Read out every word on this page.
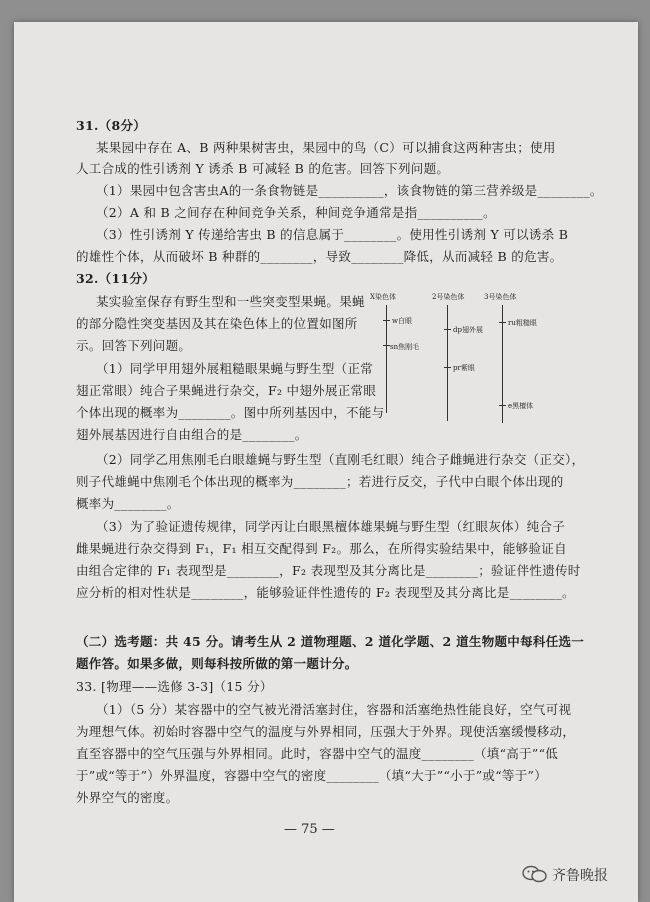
31.（8分）
某果园中存在 A、B 两种果树害虫，果园中的鸟（C）可以捕食这两种害虫；使用
人工合成的性引诱剂 Y 诱杀 B 可减轻 B 的危害。回答下列问题。
（1）果园中包含害虫A的一条食物链是__________，该食物链的第三营养级是________。
（2）A 和 B 之间存在种间竞争关系，种间竞争通常是指__________。
（3）性引诱剂 Y 传递给害虫 B 的信息属于________。使用性引诱剂 Y 可以诱杀 B
的雄性个体，从而破坏 B 种群的________，导致________降低，从而减轻 B 的危害。
32.（11分）
某实验室保存有野生型和一些突变型果蝇。果蝇
的部分隐性突变基因及其在染色体上的位置如图所
示。回答下列问题。
（1）同学甲用翅外展粗糙眼果蝇与野生型（正常
翅正常眼）纯合子果蝇进行杂交，F₂ 中翅外展正常眼
个体出现的概率为________。图中所列基因中，不能与
翅外展基因进行自由组合的是________。
X染色体	2号染色体	3号染色体
w白眼
sn焦刚毛
dp翅外展
pr紫眼
ru粗糙眼
e黑檀体
（2）同学乙用焦刚毛白眼雄蝇与野生型（直刚毛红眼）纯合子雌蝇进行杂交（正交），
则子代雄蝇中焦刚毛个体出现的概率为________；若进行反交，子代中白眼个体出现的
概率为________。
（3）为了验证遗传规律，同学丙让白眼黑檀体雄果蝇与野生型（红眼灰体）纯合子
雌果蝇进行杂交得到 F₁，F₁ 相互交配得到 F₂。那么，在所得实验结果中，能够验证自
由组合定律的 F₁ 表现型是________，F₂ 表现型及其分离比是________；验证伴性遗传时
应分析的相对性状是________，能够验证伴性遗传的 F₂ 表现型及其分离比是________。
（二）选考题：共 45 分。请考生从 2 道物理题、2 道化学题、2 道生物题中每科任选一
题作答。如果多做，则每科按所做的第一题计分。
33. [物理——选修 3-3]（15 分）
（1）（5 分）某容器中的空气被光滑活塞封住，容器和活塞绝热性能良好，空气可视
为理想气体。初始时容器中空气的温度与外界相同，压强大于外界。现使活塞缓慢移动，
直至容器中的空气压强与外界相同。此时，容器中空气的温度________（填“高于”“低
于”或“等于”）外界温度，容器中空气的密度________（填“大于”“小于”或“等于”）
外界空气的密度。
— 75 —
齐鲁晚报
